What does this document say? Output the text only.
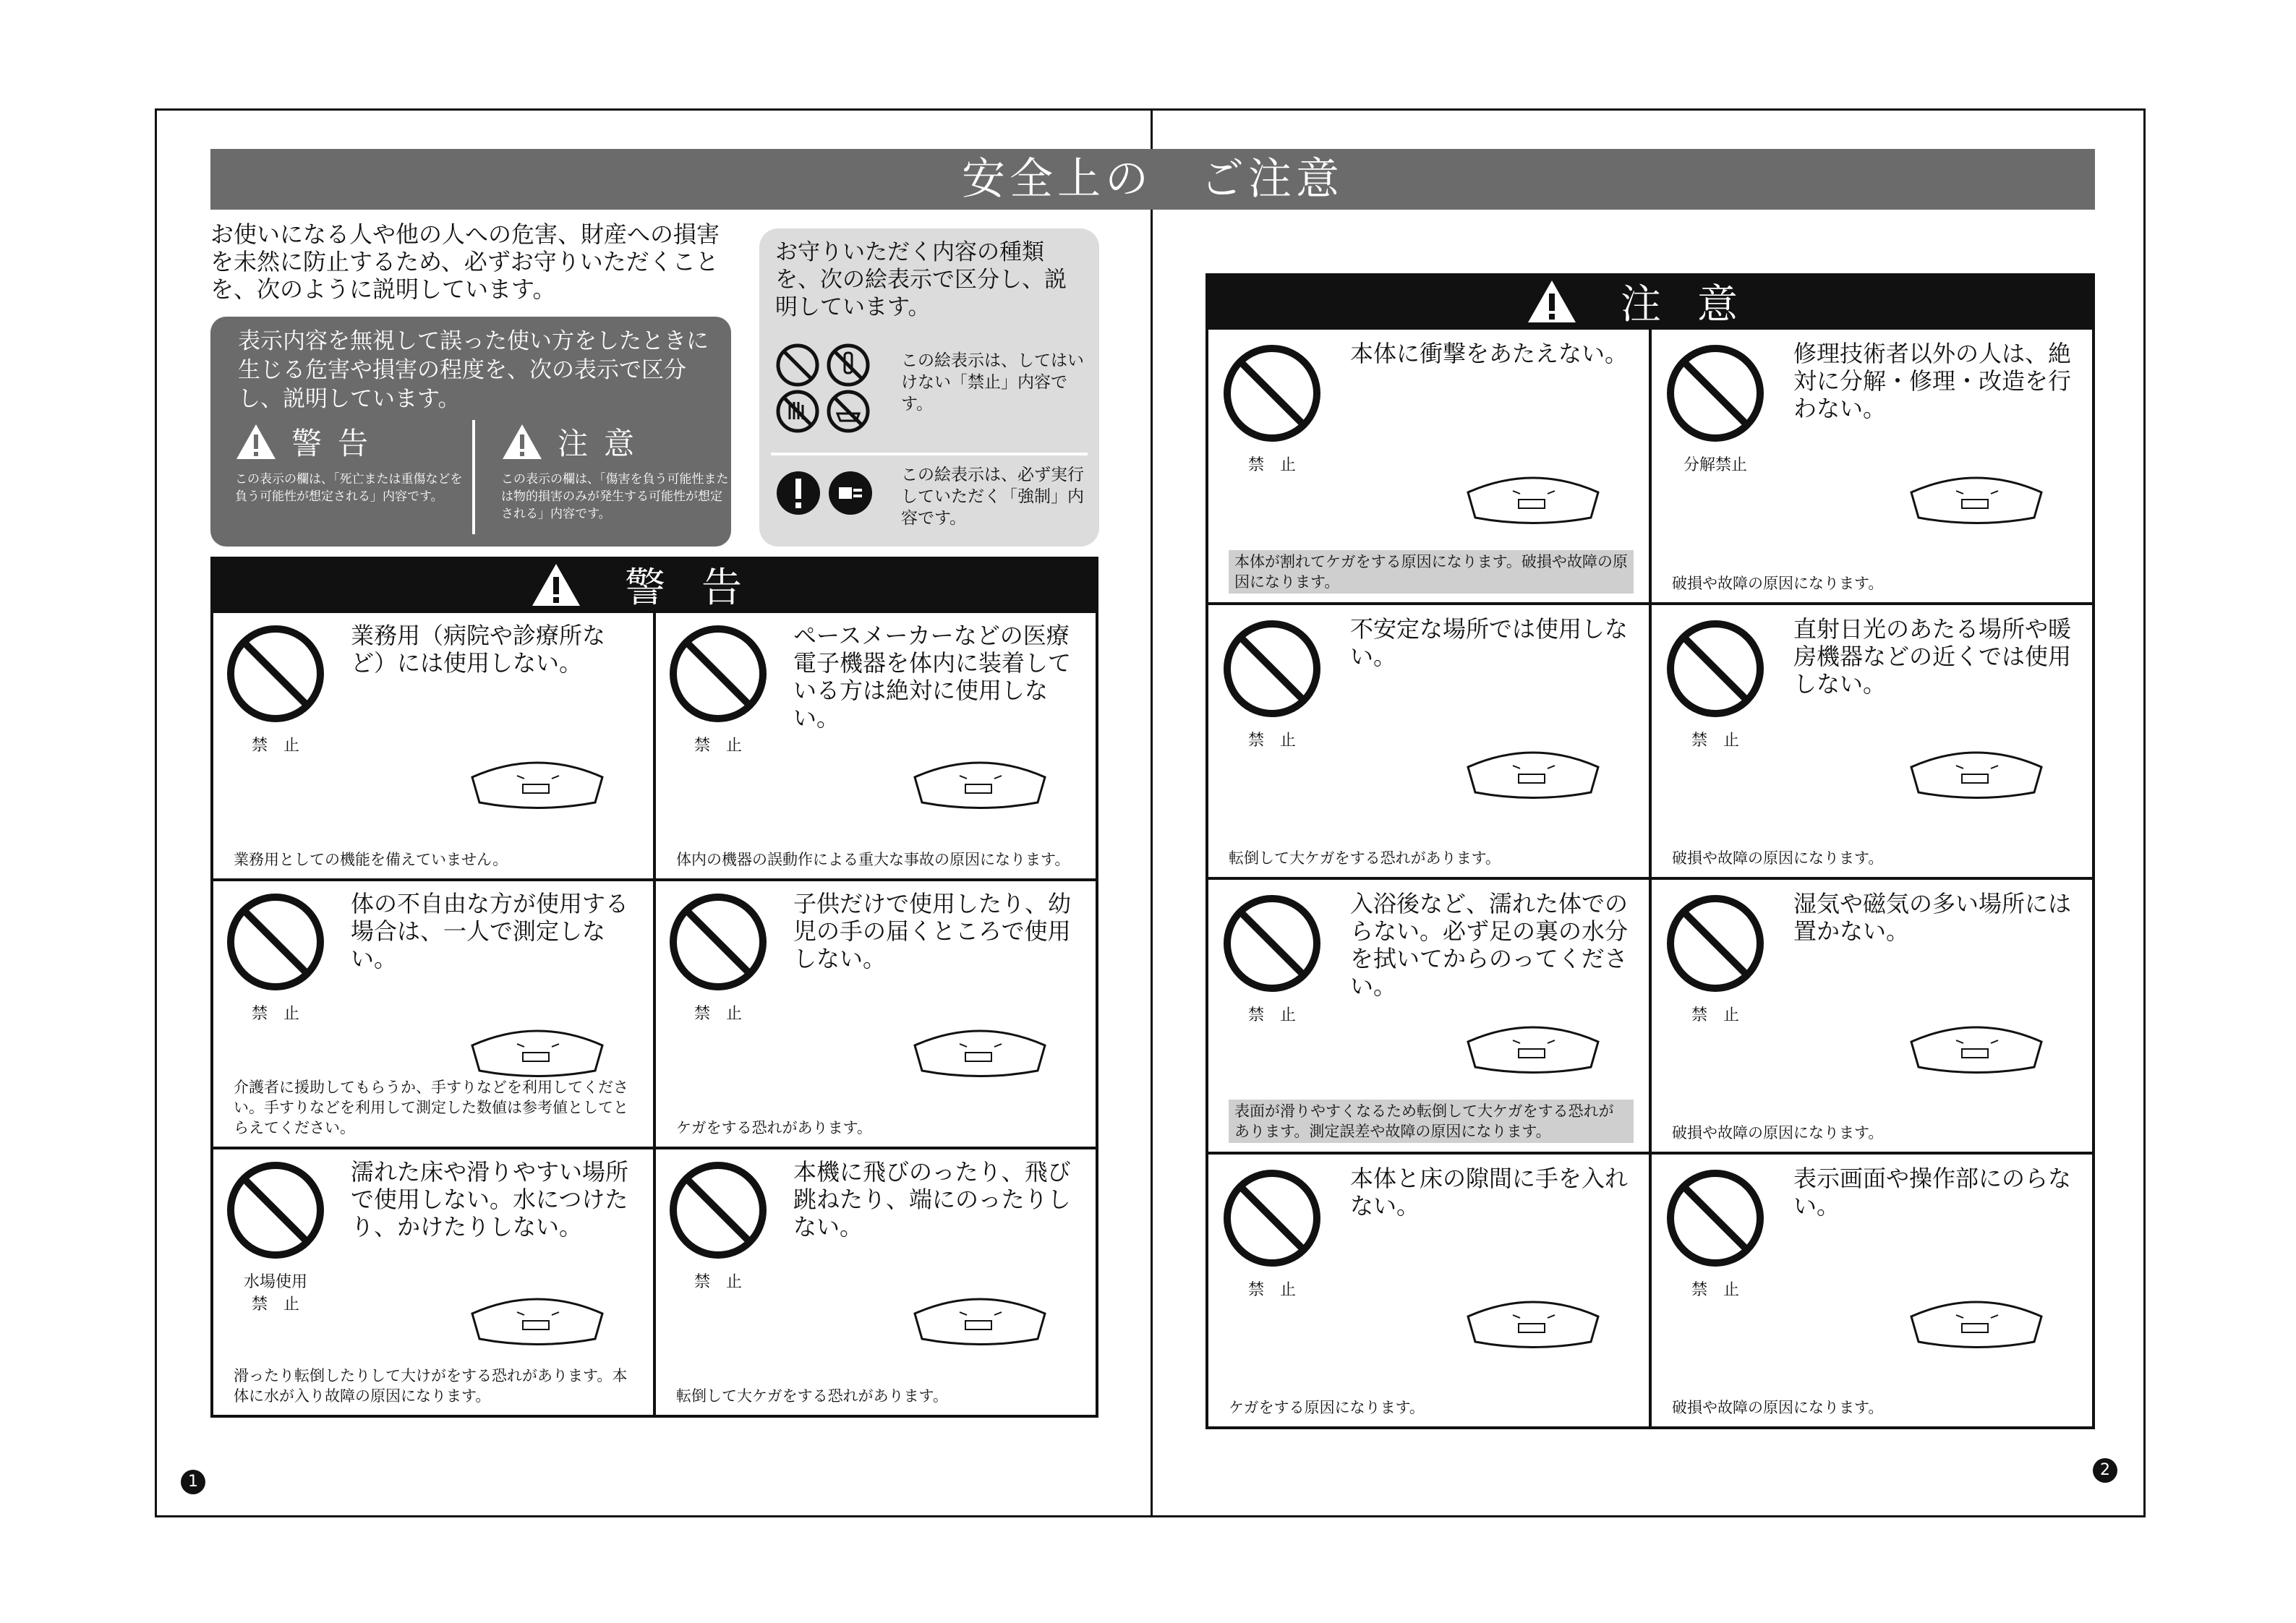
安全上の　ご注意
お使いになる人や他の人への危害、財産への損害を未然に防止するため、必ずお守りいただくことを、次のように説明しています。
表示内容を無視して誤った使い方をしたときに生じる危害や損害の程度を、次の表示で区分し、説明しています。
警告
この表示の欄は、「死亡または重傷などを負う可能性が想定される」内容です。
注意
この表示の欄は、「傷害を負う可能性または物的損害のみが発生する可能性が想定される」内容です。
お守りいただく内容の種類を、次の絵表示で区分し、説明しています。
この絵表示は、してはいけない「禁止」内容です。
この絵表示は、必ず実行していただく「強制」内容です。
警告
禁　止
業務用（病院や診療所など）には使用しない。
業務用としての機能を備えていません。
禁　止
ペースメーカーなどの医療電子機器を体内に装着している方は絶対に使用しない。
体内の機器の誤動作による重大な事故の原因になります。
禁　止
体の不自由な方が使用する場合は、一人で測定しない。
介護者に援助してもらうか、手すりなどを利用してください。手すりなどを利用して測定した数値は参考値としてとらえてください。
禁　止
子供だけで使用したり、幼児の手の届くところで使用しない。
ケガをする恐れがあります。
水場使用
禁　止
濡れた床や滑りやすい場所で使用しない。水につけたり、かけたりしない。
滑ったり転倒したりして大けがをする恐れがあります。本体に水が入り故障の原因になります。
禁　止
本機に飛びのったり、飛び跳ねたり、端にのったりしない。
転倒して大ケガをする恐れがあります。
注意
禁　止
本体に衝撃をあたえない。
本体が割れてケガをする原因になります。破損や故障の原因になります。
分解禁止
修理技術者以外の人は、絶対に分解・修理・改造を行わない。
破損や故障の原因になります。
禁　止
不安定な場所では使用しない。
転倒して大ケガをする恐れがあります。
禁　止
直射日光のあたる場所や暖房機器などの近くでは使用しない。
破損や故障の原因になります。
禁　止
入浴後など、濡れた体でのらない。必ず足の裏の水分を拭いてからのってください。
表面が滑りやすくなるため転倒して大ケガをする恐れがあります。測定誤差や故障の原因になります。
禁　止
湿気や磁気の多い場所には置かない。
破損や故障の原因になります。
禁　止
本体と床の隙間に手を入れない。
ケガをする原因になります。
禁　止
表示画面や操作部にのらない。
破損や故障の原因になります。
1
2
